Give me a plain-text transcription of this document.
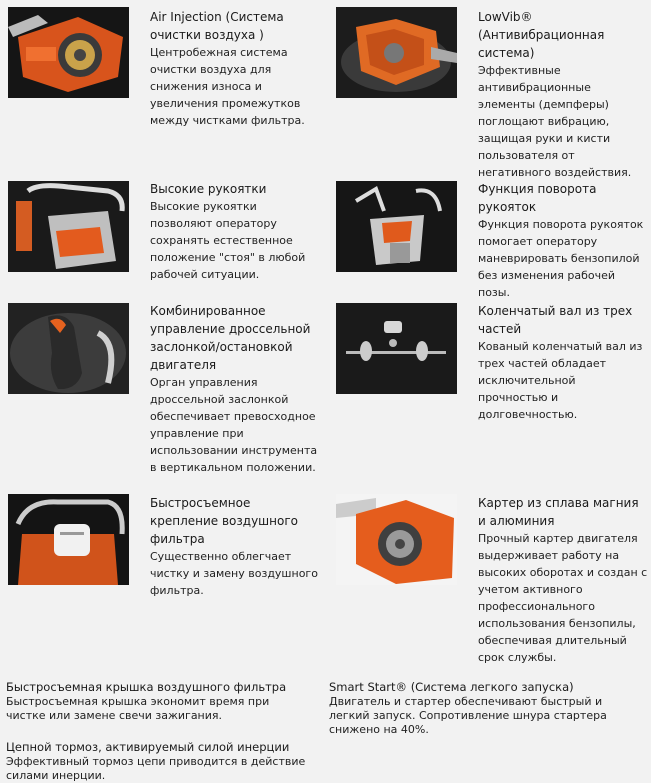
Air Injection (Система очистки воздуха )
Центробежная система очистки воздуха для снижения износа и увеличения промежутков между чистками фильтра.
LowVib® (Антивибрационная система)
Эффективные антивибрационные элементы (демпферы) поглощают вибрацию, защищая руки и кисти пользователя от негативного воздействия.
Высокие рукоятки
Высокие рукоятки позволяют оператору сохранять естественное положение "стоя" в любой рабочей ситуации.
Функция поворота рукояток
Функция поворота рукояток помогает оператору маневрировать бензопилой без изменения рабочей позы.
Комбинированное управление дроссельной заслонкой/остановкой двигателя
Орган управления дроссельной заслонкой обеспечивает превосходное управление при использовании инструмента в вертикальном положении.
Коленчатый вал из трех частей
Кованый коленчатый вал из трех частей обладает исключительной прочностью и долговечностью.
Быстросъемное крепление воздушного фильтра
Существенно облегчает чистку и замену воздушного фильтра.
Картер из сплава магния и алюминия
Прочный картер двигателя выдерживает работу на высоких оборотах и создан с учетом активного профессионального использования бензопилы, обеспечивая длительный срок службы.
Быстросъемная крышка воздушного фильтра
Быстросъемная крышка экономит время при чистке или замене свечи зажигания.
Smart Start® (Система легкого запуска)
Двигатель и стартер обеспечивают быстрый и легкий запуск. Сопротивление шнура стартера снижено на 40%.
Цепной тормоз, активируемый силой инерции
Эффективный тормоз цепи приводится в действие силами инерции.
